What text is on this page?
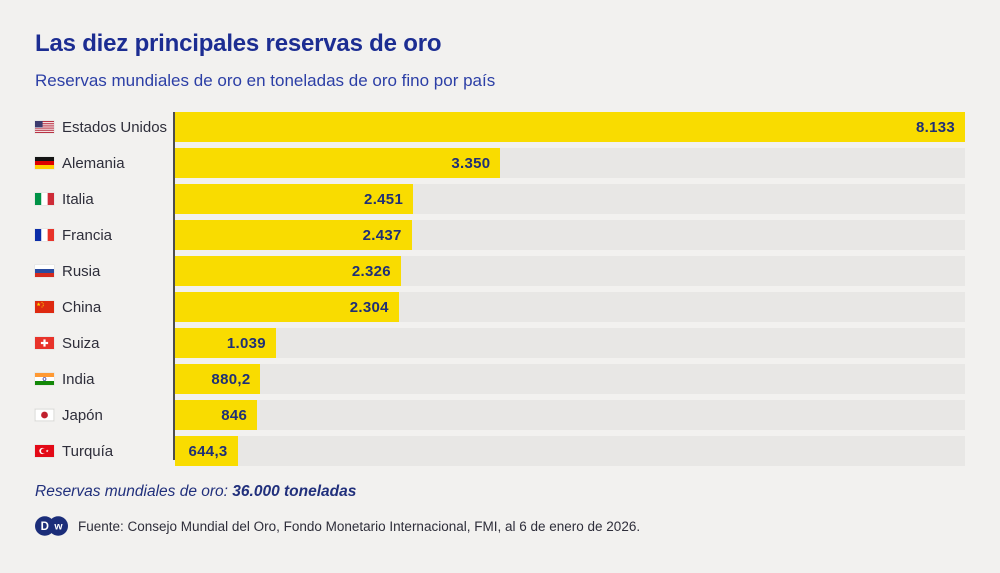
Las diez principales reservas de oro
Reservas mundiales de oro en toneladas de oro fino por país
Estados Unidos	8.133
Alemania	3.350
Italia	2.451
Francia	2.437
Rusia	2.326
China	2.304
Suiza	1.039
India	880,2
Japón	846
Turquía	644,3

Reservas mundiales de oro: 36.000 toneladas

D w Fuente: Consejo Mundial del Oro, Fondo Monetario Internacional, FMI, al 6 de enero de 2026.
